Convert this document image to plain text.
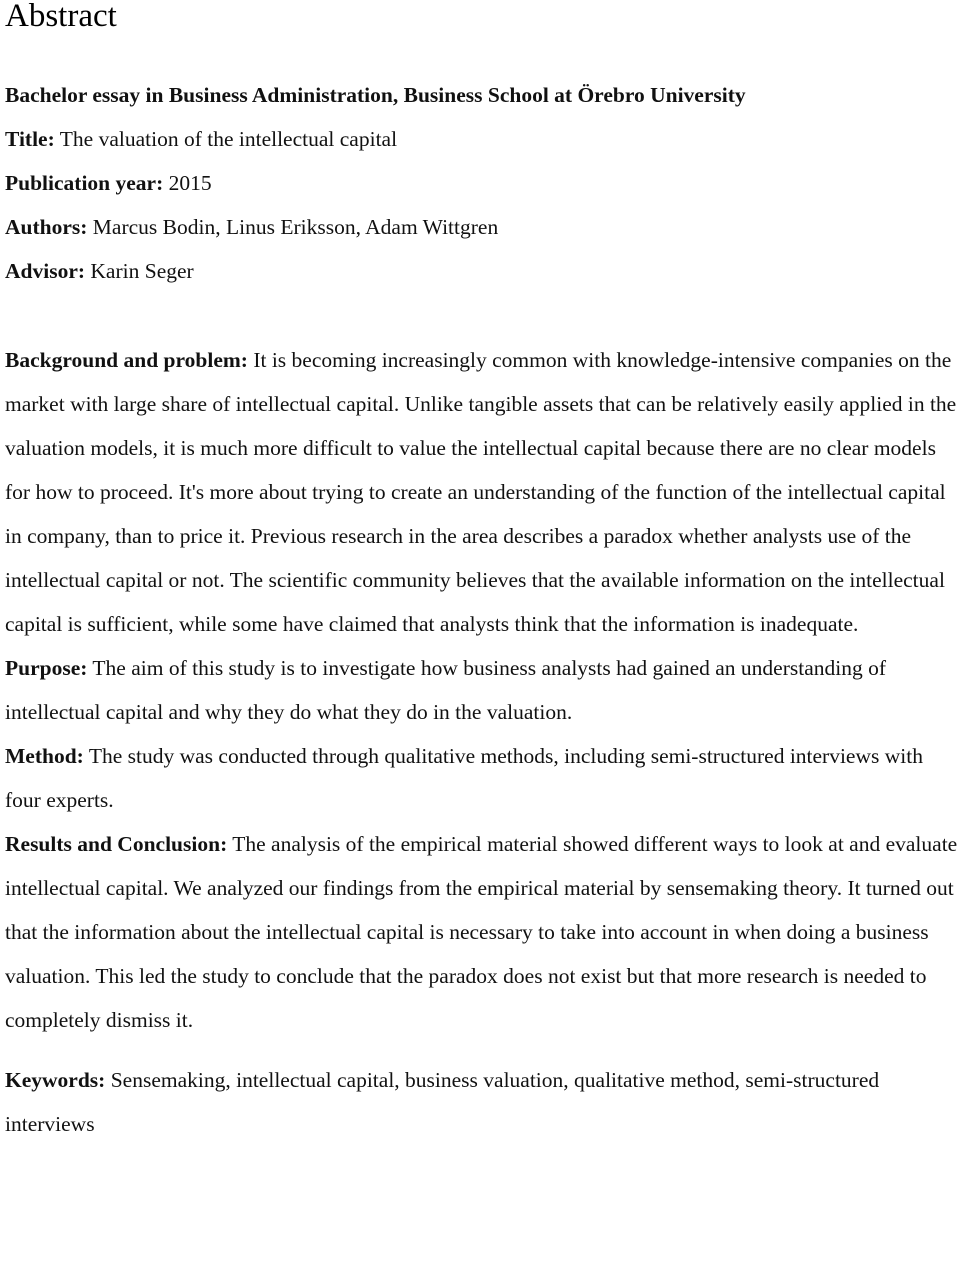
Abstract
Bachelor essay in Business Administration, Business School at Örebro University
Title: The valuation of the intellectual capital
Publication year: 2015
Authors: Marcus Bodin, Linus Eriksson, Adam Wittgren
Advisor: Karin Seger

Background and problem: It is becoming increasingly common with knowledge-intensive companies on the market with large share of intellectual capital. Unlike tangible assets that can be relatively easily applied in the valuation models, it is much more difficult to value the intellectual capital because there are no clear models for how to proceed. It's more about trying to create an understanding of the function of the intellectual capital in company, than to price it. Previous research in the area describes a paradox whether analysts use of the intellectual capital or not. The scientific community believes that the available information on the intellectual capital is sufficient, while some have claimed that analysts think that the information is inadequate.

Purpose: The aim of this study is to investigate how business analysts had gained an understanding of intellectual capital and why they do what they do in the valuation.

Method: The study was conducted through qualitative methods, including semi-structured interviews with four experts.

Results and Conclusion: The analysis of the empirical material showed different ways to look at and evaluate intellectual capital. We analyzed our findings from the empirical material by sensemaking theory. It turned out that the information about the intellectual capital is necessary to take into account in when doing a business valuation. This led the study to conclude that the paradox does not exist but that more research is needed to completely dismiss it.

Keywords: Sensemaking, intellectual capital, business valuation, qualitative method, semi-structured interviews
